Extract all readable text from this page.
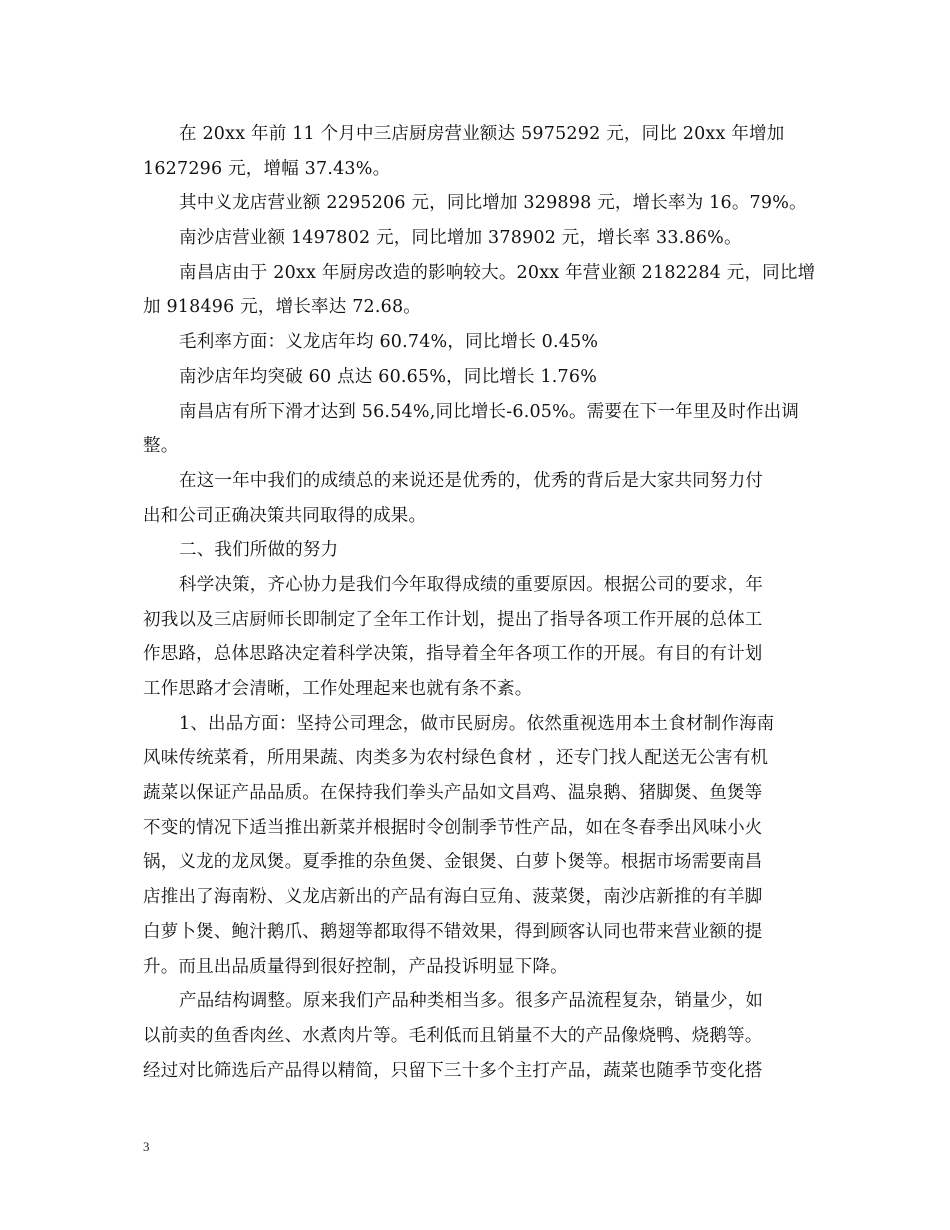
在 20xx 年前 11 个月中三店厨房营业额达 5975292 元，同比 20xx 年增加
1627296 元，增幅 37.43%。
其中义龙店营业额 2295206 元，同比增加 329898 元，增长率为 16。79%。
南沙店营业额 1497802 元，同比增加 378902 元，增长率 33.86%。
南昌店由于 20xx 年厨房改造的影响较大。20xx 年营业额 2182284 元，同比增
加 918496 元，增长率达 72.68。
毛利率方面：义龙店年均 60.74%，同比增长 0.45%
南沙店年均突破 60 点达 60.65%，同比增长 1.76%
南昌店有所下滑才达到 56.54%,同比增长-6.05%。需要在下一年里及时作出调
整。
在这一年中我们的成绩总的来说还是优秀的，优秀的背后是大家共同努力付
出和公司正确决策共同取得的成果。
二、我们所做的努力
科学决策，齐心协力是我们今年取得成绩的重要原因。根据公司的要求，年
初我以及三店厨师长即制定了全年工作计划，提出了指导各项工作开展的总体工
作思路，总体思路决定着科学决策，指导着全年各项工作的开展。有目的有计划
工作思路才会清晰，工作处理起来也就有条不紊。
1、出品方面：坚持公司理念，做市民厨房。依然重视选用本土食材制作海南
风味传统菜肴，所用果蔬、肉类多为农村绿色食材 ，还专门找人配送无公害有机
蔬菜以保证产品品质。在保持我们拳头产品如文昌鸡、温泉鹅、猪脚煲、鱼煲等
不变的情况下适当推出新菜并根据时令创制季节性产品，如在冬春季出风味小火
锅，义龙的龙凤煲。夏季推的杂鱼煲、金银煲、白萝卜煲等。根据市场需要南昌
店推出了海南粉、义龙店新出的产品有海白豆角、菠菜煲，南沙店新推的有羊脚
白萝卜煲、鲍汁鹅爪、鹅翅等都取得不错效果，得到顾客认同也带来营业额的提
升。而且出品质量得到很好控制，产品投诉明显下降。
产品结构调整。原来我们产品种类相当多。很多产品流程复杂，销量少，如
以前卖的鱼香肉丝、水煮肉片等。毛利低而且销量不大的产品像烧鸭、烧鹅等。
经过对比筛选后产品得以精简，只留下三十多个主打产品，蔬菜也随季节变化搭
3
